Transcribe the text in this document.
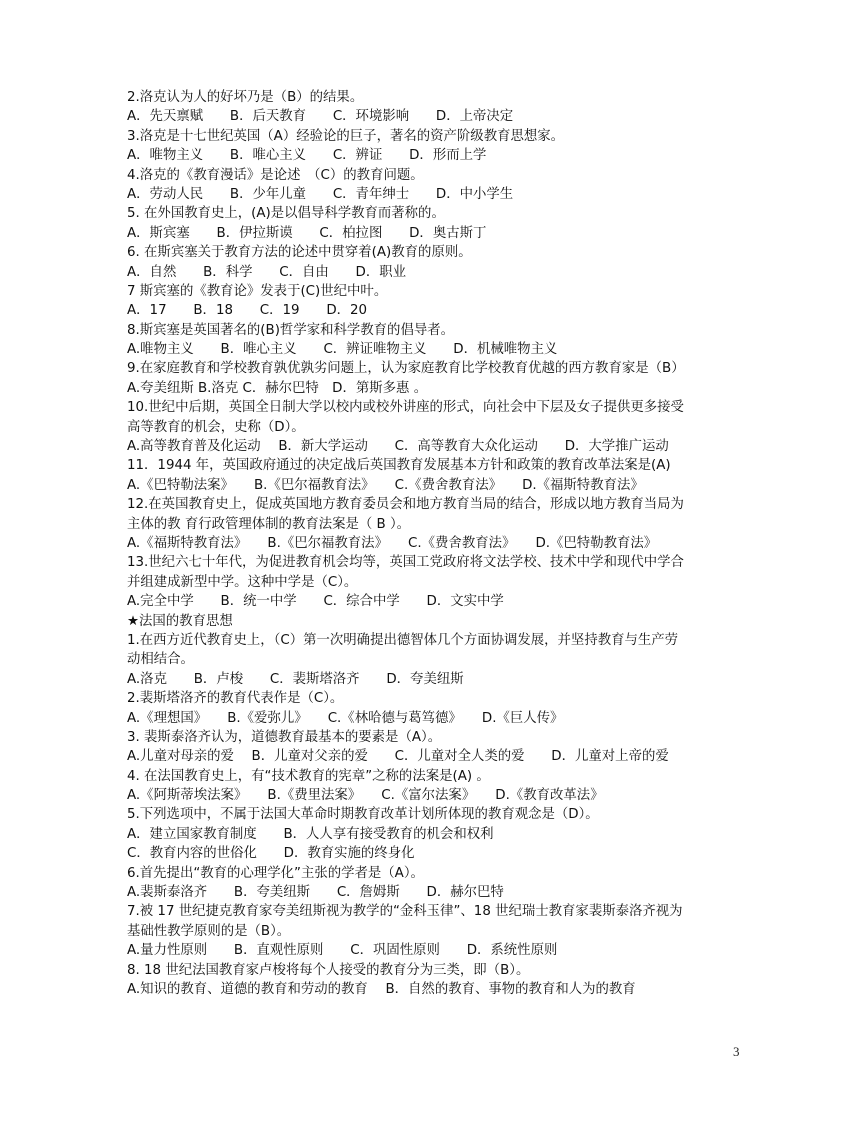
2.洛克认为人的好坏乃是（B）的结果。
A．先天禀赋　　B．后天教育　　C．环境影响　　D．上帝决定
3.洛克是十七世纪英国（A）经验论的巨子，著名的资产阶级教育思想家。
A．唯物主义　　B．唯心主义　　C．辨证　　D．形而上学
4.洛克的《教育漫话》是论述　（C）的教育问题。
A．劳动人民　　B．少年儿童　　C．青年绅士　　D．中小学生
5. 在外国教育史上，(A)是以倡导科学教育而著称的。
A．斯宾塞　　B．伊拉斯谟　　C．柏拉图　　D．奥古斯丁
6. 在斯宾塞关于教育方法的论述中贯穿着(A)教育的原则。
A．自然　　B．科学　　C．自由　　D．职业
7 斯宾塞的《教育论》发表于(C)世纪中叶。
A．17　　B．18　　C．19　　D．20
8.斯宾塞是英国著名的(B)哲学家和科学教育的倡导者。
A.唯物主义　　B．唯心主义　　C．辨证唯物主义　　D．机械唯物主义
9.在家庭教育和学校教育孰优孰劣问题上，认为家庭教育比学校教育优越的西方教育家是（B）
A.夸美纽斯 B.洛克 C．赫尔巴特　D．第斯多惠 。
10.世纪中后期，英国全日制大学以校内或校外讲座的形式，向社会中下层及女子提供更多接受
高等教育的机会，史称（D）。
A.高等教育普及化运动　 B．新大学运动　　C．高等教育大众化运动　　D．大学推广运动
11．1944 年，英国政府通过的决定战后英国教育发展基本方针和政策的教育改革法案是(A)
A.《巴特勒法案》　　B.《巴尔福教育法》　　C.《费舍教育法》　　D.《福斯特教育法》
12.在英国教育史上，促成英国地方教育委员会和地方教育当局的结合，形成以地方教育当局为
主体的教 育行政管理体制的教育法案是（ B ）。
A.《福斯特教育法》　　B.《巴尔福教育法》　　C.《费舍教育法》　　D.《巴特勒教育法》
13.世纪六七十年代，为促进教育机会均等，英国工党政府将文法学校、技术中学和现代中学合
并组建成新型中学。这种中学是（C）。
A.完全中学　　B．统一中学　　C．综合中学　　D．文实中学
★法国的教育思想
1.在西方近代教育史上，（C）第一次明确提出德智体几个方面协调发展，并坚持教育与生产劳
动相结合。
A.洛克　　B．卢梭　　C．裴斯塔洛齐　　D．夸美纽斯
2.裴斯塔洛齐的教育代表作是（C）。
A.《理想国》　　B.《爱弥儿》　　C.《林哈德与葛笃德》　　D.《巨人传》
3. 裴斯泰洛齐认为，道德教育最基本的要素是（A）。
A.儿童对母亲的爱　 B．儿童对父亲的爱　　C．儿童对全人类的爱　　D．儿童对上帝的爱
4. 在法国教育史上，有“技术教育的宪章”之称的法案是(A) 。
A.《阿斯蒂埃法案》　　B.《费里法案》　　C.《富尔法案》　　D.《教育改革法》
5.下列选项中，不属于法国大革命时期教育改革计划所体现的教育观念是（D）。
A．建立国家教育制度　　B．人人享有接受教育的机会和权利
C．教育内容的世俗化　　D．教育实施的终身化
6.首先提出“教育的心理学化”主张的学者是（A）。
A.裴斯泰洛齐　　B．夸美纽斯　　C．詹姆斯　　D．赫尔巴特
7.被 17 世纪捷克教育家夸美纽斯视为教学的“金科玉律”、18 世纪瑞士教育家裴斯泰洛齐视为
基础性教学原则的是（B）。
A.量力性原则　　B．直观性原则　　C．巩固性原则　　D．系统性原则
8. 18 世纪法国教育家卢梭将每个人接受的教育分为三类，即（B）。
A.知识的教育、道德的教育和劳动的教育　 B．自然的教育、事物的教育和人为的教育
3
